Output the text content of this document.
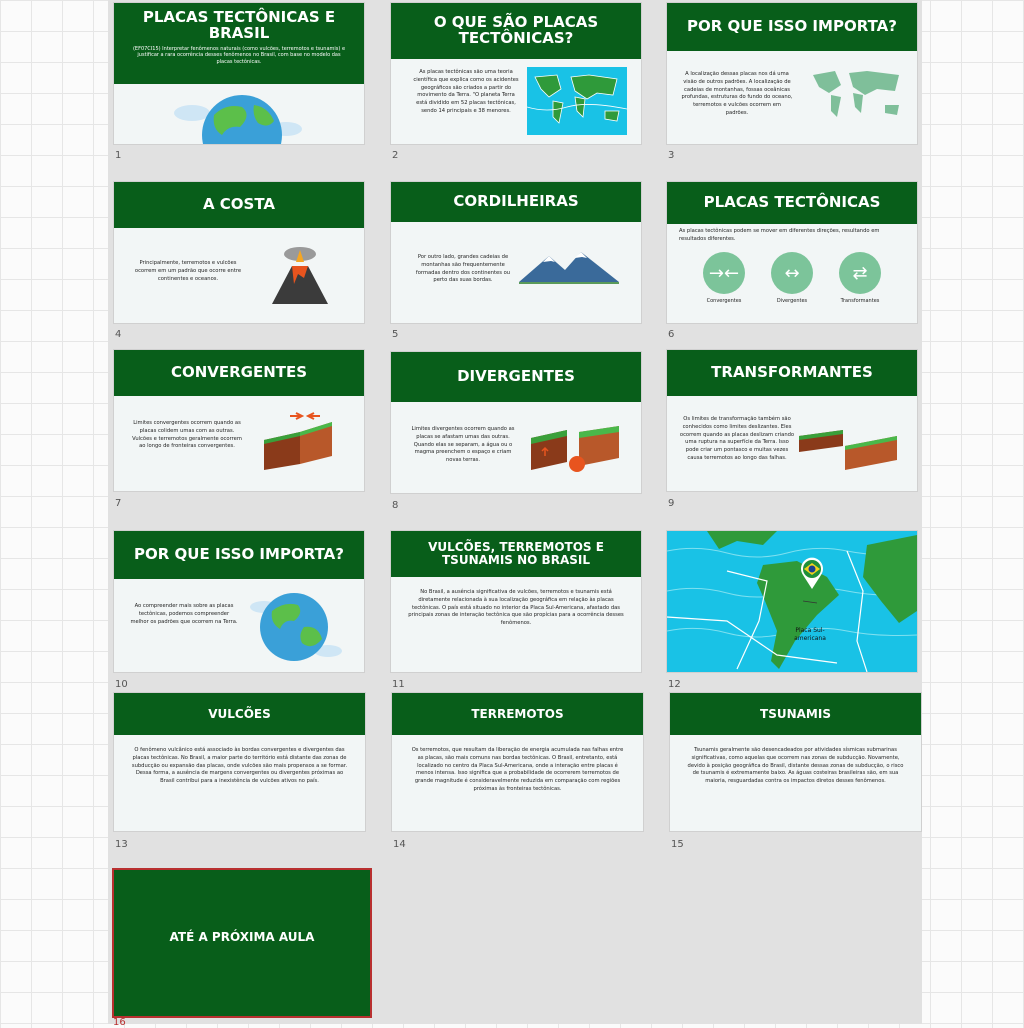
PLACAS TECTÔNICAS E BRASIL
(EF07CI15) Interpretar fenômenos naturais (como vulcões, terremotos e tsunamis) e justificar a rara ocorrência desses fenômenos no Brasil, com base no modelo das placas tectônicas.
1
O QUE SÃO PLACAS TECTÔNICAS?
As placas tectônicas são uma teoria científica que explica como os acidentes geográficos são criados a partir do movimento da Terra. "O planeta Terra está dividido em 52 placas tectônicas, sendo 14 principais e 38 menores.
2
POR QUE ISSO IMPORTA?
A localização dessas placas nos dá uma visão de outros padrões. A localização de cadeias de montanhas, fossas oceânicas profundas, estruturas do fundo do oceano, terremotos e vulcões ocorrem em padrões.
3
A COSTA
Principalmente, terremotos e vulcões ocorrem em um padrão que ocorre entre continentes e oceanos.
4
CORDILHEIRAS
Por outro lado, grandes cadeias de montanhas são frequentemente formadas dentro dos continentes ou perto das suas bordas.
5
PLACAS TECTÔNICAS
As placas tectônicas podem se mover em diferentes direções, resultando em resultados diferentes.
→←	↔	⇄
Convergentes	Divergentes	Transformantes
6
CONVERGENTES
Limites convergentes ocorrem quando as placas colidem umas com as outras. Vulcões e terremotos geralmente ocorrem ao longo de fronteiras convergentes.
7
DIVERGENTES
Limites divergentes ocorrem quando as placas se afastam umas das outras. Quando elas se separam, a água ou o magma preenchem o espaço e criam novas terras.
8
TRANSFORMANTES
Os limites de transformação também são conhecidos como limites deslizantes. Eles ocorrem quando as placas deslizam criando uma ruptura na superfície da Terra. Isso pode criar um pontasco e muitas vezes causa terremotos ao longo das falhas.
9
POR QUE ISSO IMPORTA?
Ao compreender mais sobre as placas tectônicas, podemos compreender melhor os padrões que ocorrem na Terra.
10
VULCÕES, TERREMOTOS E TSUNAMIS NO BRASIL
No Brasil, a ausência significativa de vulcões, terremotos e tsunamis está diretamente relacionada à sua localização geográfica em relação às placas tectônicas. O país está situado no interior da Placa Sul-Americana, afastado das principais zonas de interação tectônica que são propícias para a ocorrência desses fenômenos.
11
Placa Sul-americana
12
VULCÕES
O fenômeno vulcânico está associado às bordas convergentes e divergentes das placas tectônicas. No Brasil, a maior parte do território está distante das zonas de subducção ou expansão das placas, onde vulcões são mais propensos a se formar. Dessa forma, a ausência de margens convergentes ou divergentes próximas ao Brasil contribui para a inexistência de vulcões ativos no país.
13
TERREMOTOS
Os terremotos, que resultam da liberação de energia acumulada nas falhas entre as placas, são mais comuns nas bordas tectônicas. O Brasil, entretanto, está localizado no centro da Placa Sul-Americana, onde a interação entre placas é menos intensa. Isso significa que a probabilidade de ocorrerem terremotos de grande magnitude é consideravelmente reduzida em comparação com regiões próximas às fronteiras tectônicas.
14
TSUNAMIS
Tsunamis geralmente são desencadeados por atividades sísmicas submarinas significativas, como aquelas que ocorrem nas zonas de subducção. Novamente, devido à posição geográfica do Brasil, distante dessas zonas de subducção, o risco de tsunamis é extremamente baixo. As águas costeiras brasileiras são, em sua maioria, resguardadas contra os impactos diretos desses fenômenos.
15
ATÉ A PRÓXIMA AULA
16
